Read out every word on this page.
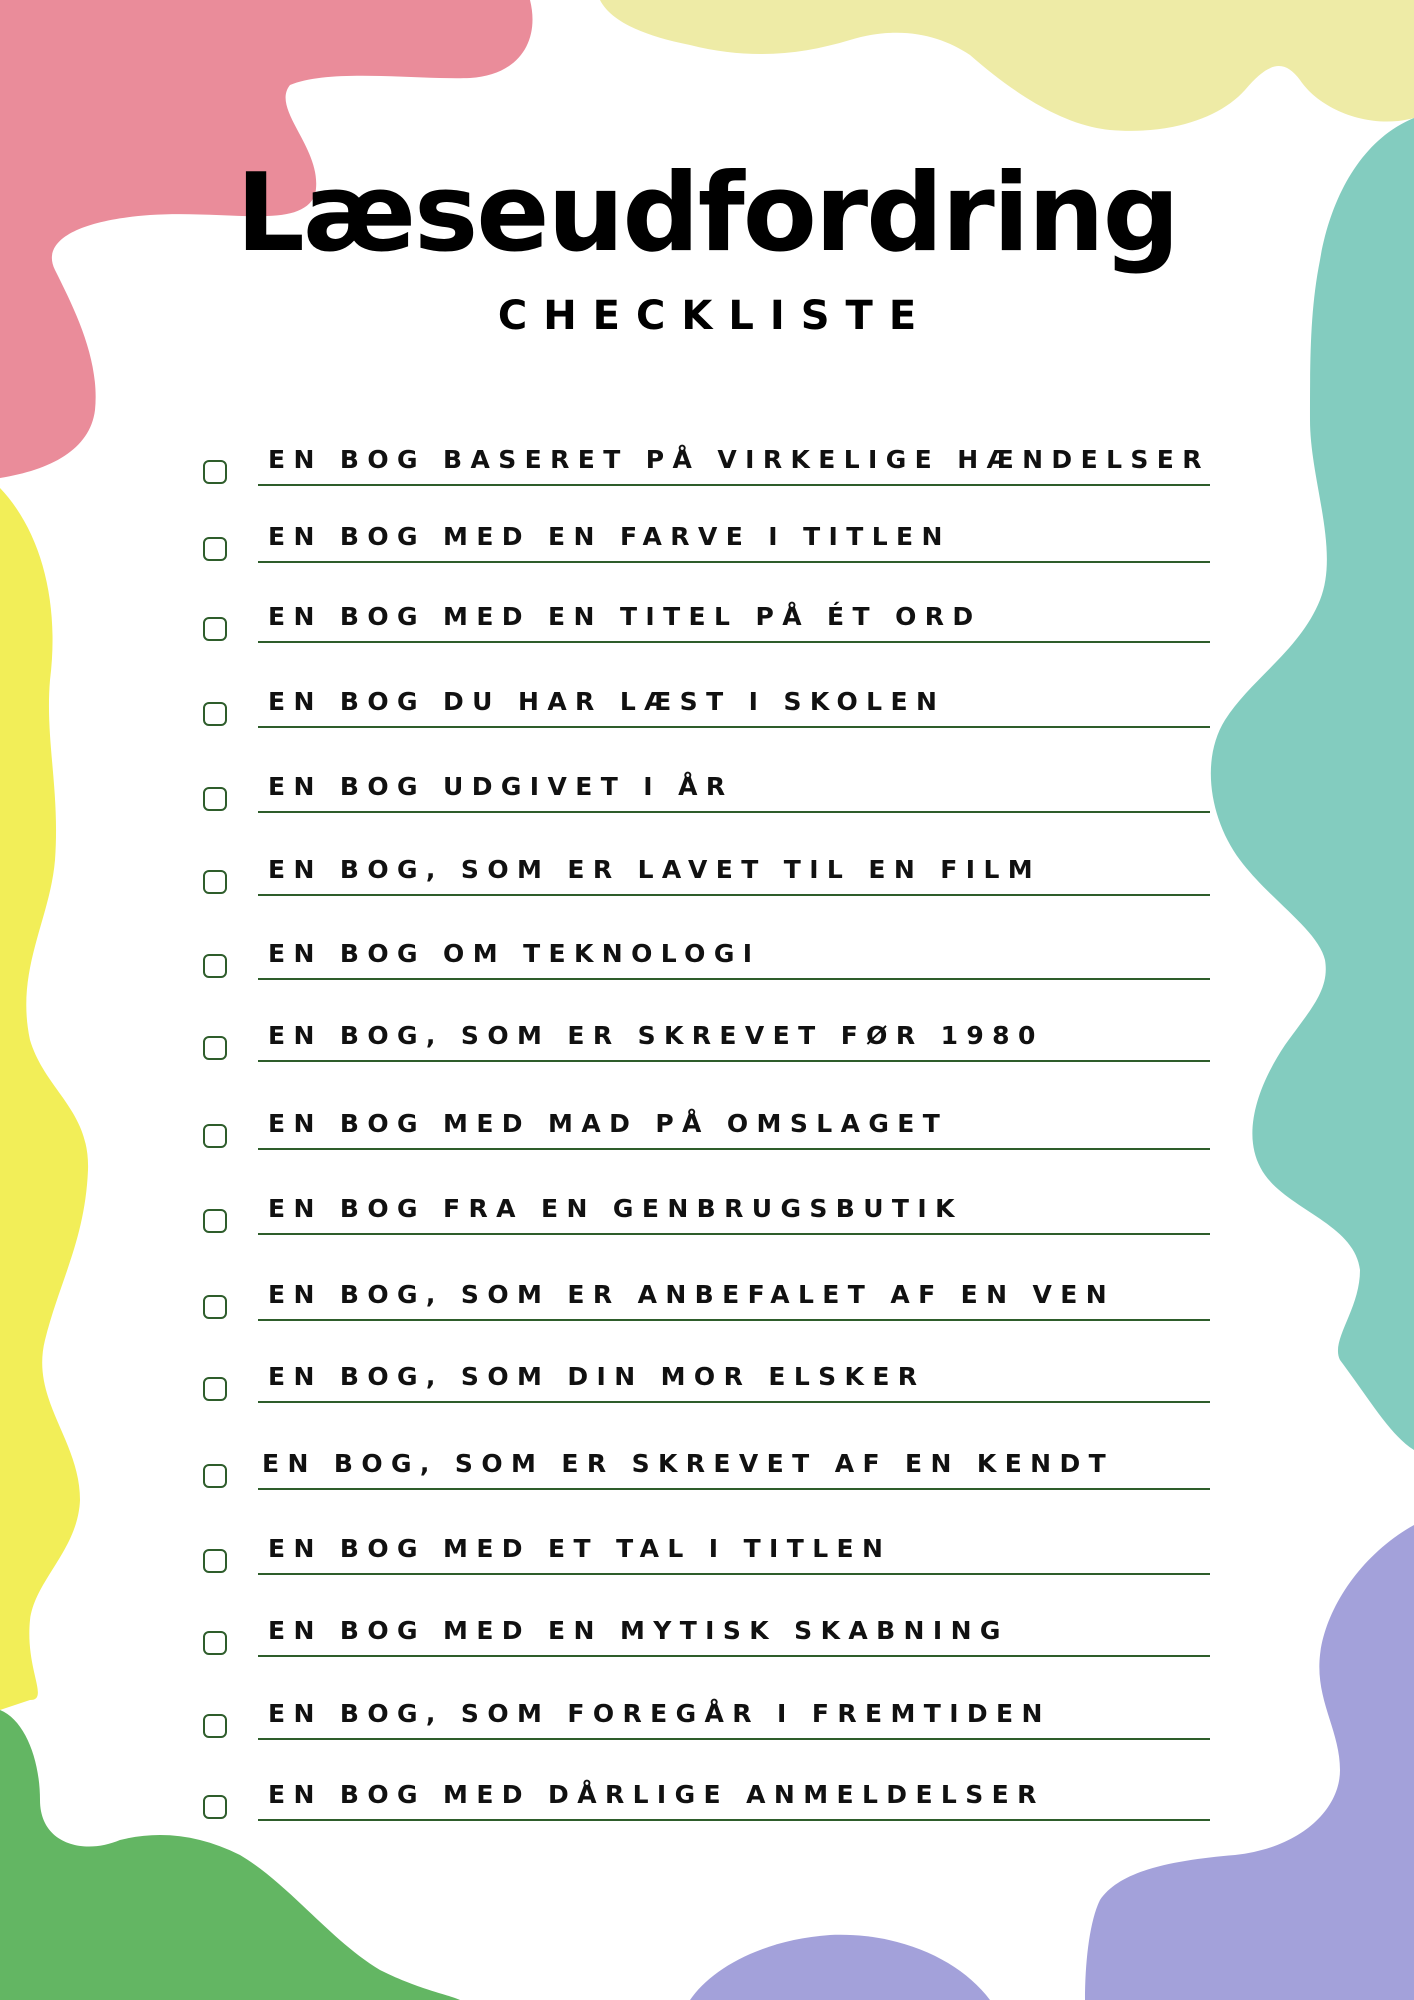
Læseudfordring
CHECKLISTE
EN BOG BASERET PÅ VIRKELIGE HÆNDELSER
EN BOG MED EN FARVE I TITLEN
EN BOG MED EN TITEL PÅ ÉT ORD
EN BOG DU HAR LÆST I SKOLEN
EN BOG UDGIVET I ÅR
EN BOG, SOM ER LAVET TIL EN FILM
EN BOG OM TEKNOLOGI
EN BOG, SOM ER SKREVET FØR 1980
EN BOG MED MAD PÅ OMSLAGET
EN BOG FRA EN GENBRUGSBUTIK
EN BOG, SOM ER ANBEFALET AF EN VEN
EN BOG, SOM DIN MOR ELSKER
EN BOG, SOM ER SKREVET AF EN KENDT
EN BOG MED ET TAL I TITLEN
EN BOG MED EN MYTISK SKABNING
EN BOG, SOM FOREGÅR I FREMTIDEN
EN BOG MED DÅRLIGE ANMELDELSER
